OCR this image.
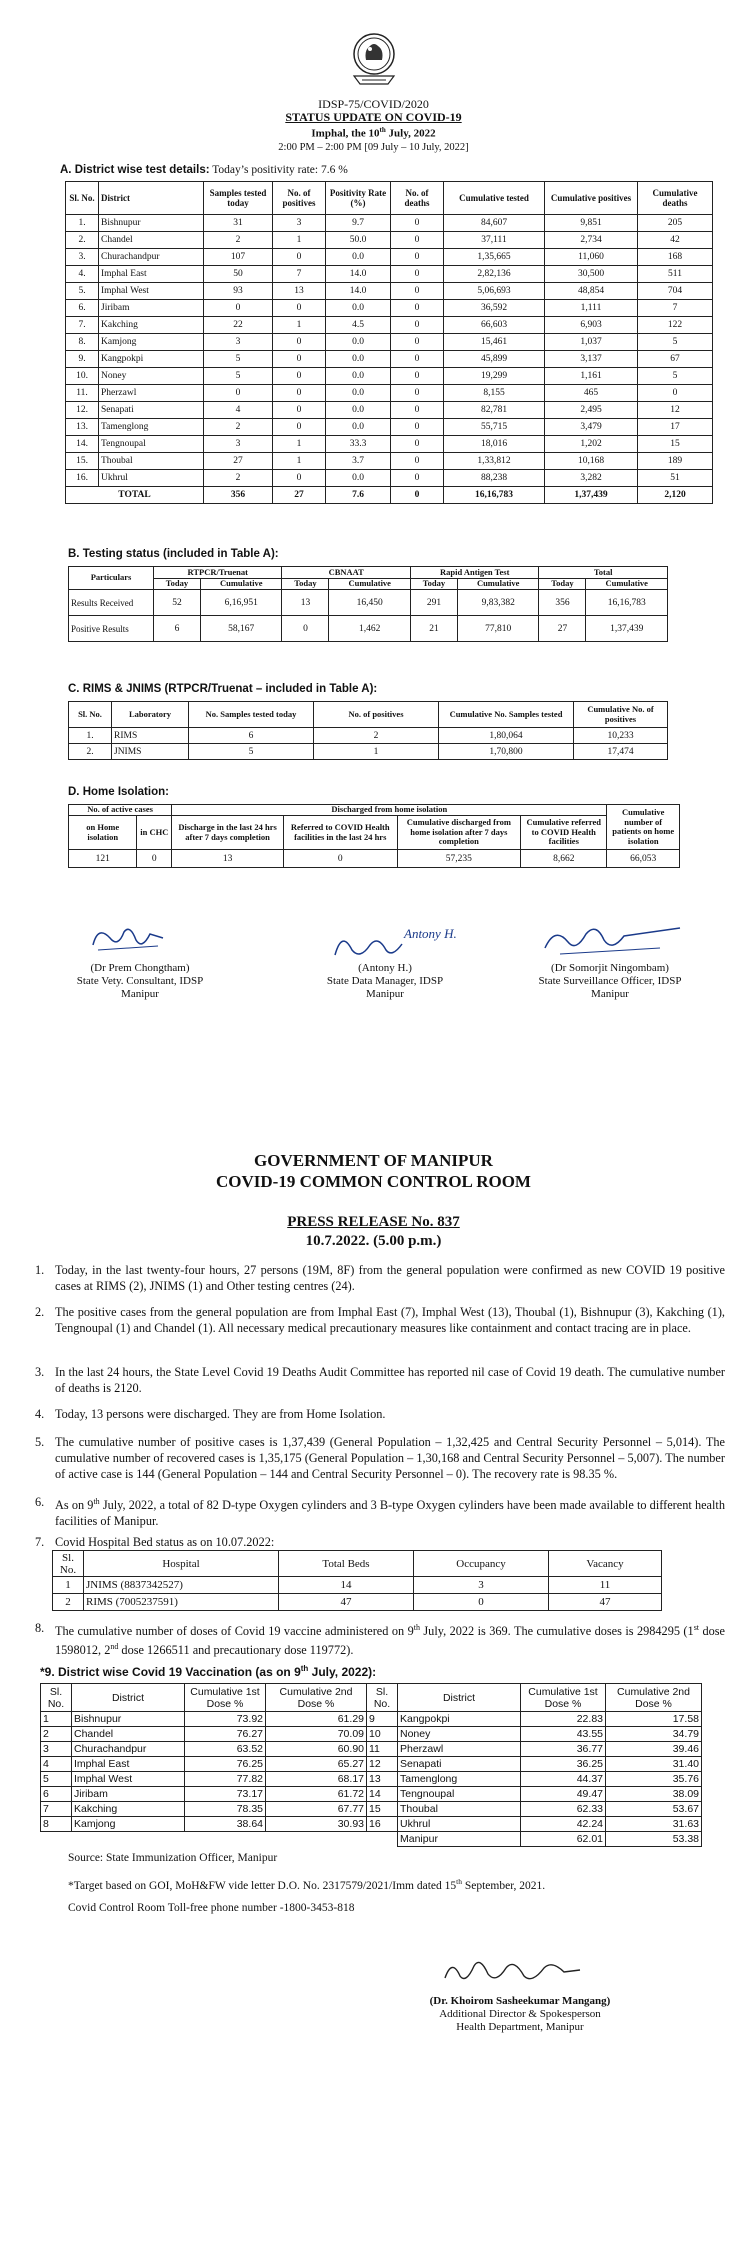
IDSP-75/COVID/2020
STATUS UPDATE ON COVID-19
Imphal, the 10th July, 2022
2:00 PM – 2:00 PM [09 July – 10 July, 2022]
A. District wise test details: Today’s positivity rate: 7.6 %
Sl. No.	District	Samples tested today	No. of positives	Positivity Rate (%)	No. of deaths	Cumulative tested	Cumulative positives	Cumulative deaths
1.	Bishnupur	31	3	9.7	0	84,607	9,851	205
2.	Chandel	2	1	50.0	0	37,111	2,734	42
3.	Churachandpur	107	0	0.0	0	1,35,665	11,060	168
4.	Imphal East	50	7	14.0	0	2,82,136	30,500	511
5.	Imphal West	93	13	14.0	0	5,06,693	48,854	704
6.	Jiribam	0	0	0.0	0	36,592	1,111	7
7.	Kakching	22	1	4.5	0	66,603	6,903	122
8.	Kamjong	3	0	0.0	0	15,461	1,037	5
9.	Kangpokpi	5	0	0.0	0	45,899	3,137	67
10.	Noney	5	0	0.0	0	19,299	1,161	5
11.	Pherzawl	0	0	0.0	0	8,155	465	0
12.	Senapati	4	0	0.0	0	82,781	2,495	12
13.	Tamenglong	2	0	0.0	0	55,715	3,479	17
14.	Tengnoupal	3	1	33.3	0	18,016	1,202	15
15.	Thoubal	27	1	3.7	0	1,33,812	10,168	189
16.	Ukhrul	2	0	0.0	0	88,238	3,282	51
TOTAL		356	27	7.6	0	16,16,783	1,37,439	2,120
B. Testing status (included in Table A):
Particulars	RTPCR/Truenat		CBNAAT		Rapid Antigen Test		Total	
	Today	Cumulative	Today	Cumulative	Today	Cumulative	Today	Cumulative
Results Received	52	6,16,951	13	16,450	291	9,83,382	356	16,16,783
Positive Results	6	58,167	0	1,462	21	77,810	27	1,37,439
C. RIMS & JNIMS (RTPCR/Truenat – included in Table A):
Sl. No.	Laboratory	No. Samples tested today	No. of positives	Cumulative No. Samples tested	Cumulative No. of positives
1.	RIMS	6	2	1,80,064	10,233
2.	JNIMS	5	1	1,70,800	17,474
D. Home Isolation:
No. of active cases		Discharged from home isolation				Cumulative number of patients on home isolation
on Home isolation	in CHC	Discharge in the last 24 hrs after 7 days completion	Referred to COVID Health facilities in the last 24 hrs	Cumulative discharged from home isolation after 7 days completion	Cumulative referred to COVID Health facilities	
121	0	13	0	57,235	8,662	66,053
Antony H.
(Dr Prem Chongtham)
State Vety. Consultant, IDSP
Manipur
(Antony H.)
State Data Manager, IDSP
Manipur
(Dr Somorjit Ningombam)
State Surveillance Officer, IDSP
Manipur
GOVERNMENT OF MANIPUR
COVID-19 COMMON CONTROL ROOM
PRESS RELEASE No. 837
10.7.2022. (5.00 p.m.)
1. Today, in the last twenty-four hours, 27 persons (19M, 8F) from the general population were confirmed as new COVID 19 positive cases at RIMS (2), JNIMS (1) and Other testing centres (24).
2. The positive cases from the general population are from Imphal East (7), Imphal West (13), Thoubal (1), Bishnupur (3), Kakching (1), Tengnoupal (1) and Chandel (1). All necessary medical precautionary measures like containment and contact tracing are in place.
3. In the last 24 hours, the State Level Covid 19 Deaths Audit Committee has reported nil case of Covid 19 death. The cumulative number of deaths is 2120.
4. Today, 13 persons were discharged. They are from Home Isolation.
5. The cumulative number of positive cases is 1,37,439 (General Population – 1,32,425 and Central Security Personnel – 5,014). The cumulative number of recovered cases is 1,35,175 (General Population – 1,30,168 and Central Security Personnel – 5,007). The number of active case is 144 (General Population – 144 and Central Security Personnel – 0). The recovery rate is 98.35 %.
6. As on 9th July, 2022, a total of 82 D-type Oxygen cylinders and 3 B-type Oxygen cylinders have been made available to different health facilities of Manipur.
7. Covid Hospital Bed status as on 10.07.2022:
Sl. No.	Hospital	Total Beds	Occupancy	Vacancy
1	JNIMS (8837342527)	14	3	11
2	RIMS (7005237591)	47	0	47
8. The cumulative number of doses of Covid 19 vaccine administered on 9th July, 2022 is 369. The cumulative doses is 2984295 (1st dose 1598012, 2nd dose 1266511 and precautionary dose 119772).
*9. District wise Covid 19 Vaccination (as on 9th July, 2022):
Sl. No.	District	Cumulative 1st Dose %	Cumulative 2nd Dose %	Sl. No.	District	Cumulative 1st Dose %	Cumulative 2nd Dose %
1	Bishnupur	73.92	61.29	9	Kangpokpi	22.83	17.58
2	Chandel	76.27	70.09	10	Noney	43.55	34.79
3	Churachandpur	63.52	60.90	11	Pherzawl	36.77	39.46
4	Imphal East	76.25	65.27	12	Senapati	36.25	31.40
5	Imphal West	77.82	68.17	13	Tamenglong	44.37	35.76
6	Jiribam	73.17	61.72	14	Tengnoupal	49.47	38.09
7	Kakching	78.35	67.77	15	Thoubal	62.33	53.67
8	Kamjong	38.64	30.93	16	Ukhrul	42.24	31.63
					Manipur	62.01	53.38
Source: State Immunization Officer, Manipur
*Target based on GOI, MoH&FW vide letter D.O. No. 2317579/2021/Imm dated 15th September, 2021.
Covid Control Room Toll-free phone number -1800-3453-818
(Dr. Khoirom Sasheekumar Mangang)
Additional Director & Spokesperson
Health Department, Manipur
